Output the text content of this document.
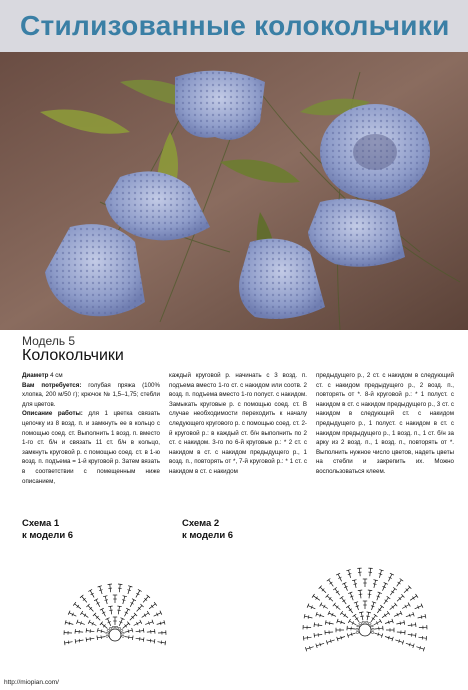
Стилизованные колокольчики
Модель 5
Колокольчики
Диаметр 4 см
Вам потребуется: голубая пряжа (100% хлопка, 200 м/50 г); крючок № 1,5–1,75; стебли для цветов.
Описание работы: для 1 цветка связать цепочку из 8 возд. п. и замкнуть ее в кольцо с помощью соед. ст. Выполнить 1 возд. п. вместо 1-го ст. б/н и связать 11 ст. б/н в кольцо, замкнуть круговой р. с помощью соед. ст. в 1-ю возд. п. подъема = 1-й круговой р. Затем вязать в соответствии с помещенным ниже описанием,
каждый круговой р. начинать с 3 возд. п. подъема вместо 1-го ст. с накидом или соотв. 2 возд. п. подъема вместо 1-го полуст. с накидом. Замыкать круговые р. с помощью соед. ст. В случае необходимости переходить к началу следующего кругового р. с помощью соед. ст. 2-й круговой р.: в каждый ст. б/н выполнить по 2 ст. с накидом. 3-го по 6-й круговые р.: * 2 ст. с накидом в ст. с накидом предыдущего р., 1 возд. п., повторять от *, 7-й круговой р.: * 1 ст. с накидом в ст. с накидом
предыдущего р., 2 ст. с накидом в следующий ст. с накидом предыдущего р., 2 возд. п., повторять от *. 8-й круговой р.: * 1 полуст. с накидом в ст. с накидом предыдущего р., 3 ст. с накидом в следующий ст. с накидом предыдущего р., 1 полуст. с накидом в ст. с накидом предыдущего р., 1 возд. п., 1 ст. б/н за арку из 2 возд. п., 1 возд. п., повторять от *. Выполнить нужное число цветов, надеть цветы на стебли и закрепить их. Можно воспользоваться клеем.
Схема 1
к модели 6
Схема 2
к модели 6
http://miopian.com/
